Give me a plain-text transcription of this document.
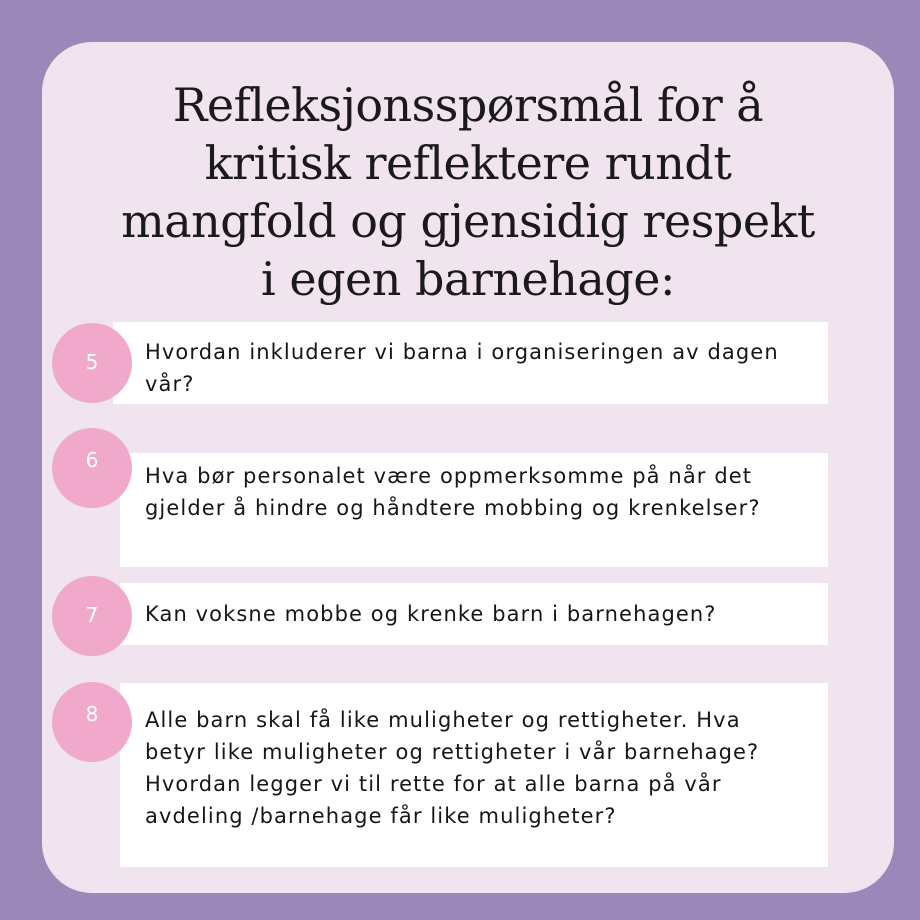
Refleksjonsspørsmål for å
kritisk reflektere rundt
mangfold og gjensidig respekt
i egen barnehage:
Hvordan inkluderer vi barna i organiseringen av dagen vår?
5
Hva bør personalet være oppmerksomme på når det gjelder å hindre og håndtere mobbing og krenkelser?
6
Kan voksne mobbe og krenke barn i barnehagen?
7
Alle barn skal få like muligheter og rettigheter. Hva betyr like muligheter og rettigheter i vår barnehage? Hvordan legger vi til rette for at alle barna på vår avdeling /barnehage får like muligheter?
8
